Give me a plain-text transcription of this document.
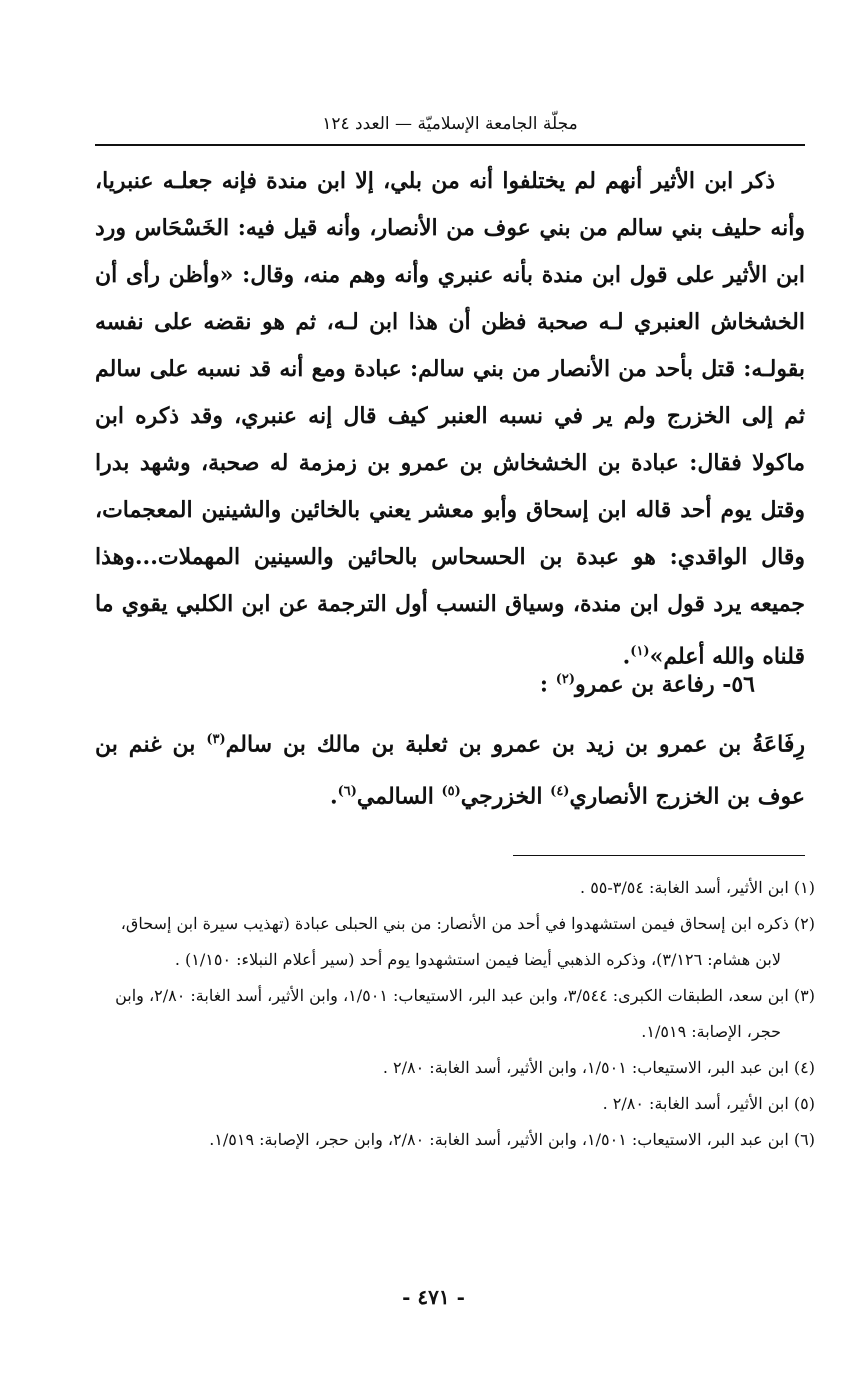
مجلّة الجامعة الإسلاميّة — العدد ١٢٤

ذكر ابن الأثير أنهم لم يختلفوا أنه من بلي، إلا ابن مندة فإنه جعلـه عنبريا، وأنه حليف بني سالم من بني عوف من الأنصار، وأنه قيل فيه: الخَسْحَاس ورد ابن الأثير على قول ابن مندة بأنه عنبري وأنه وهم منه، وقال: «وأظن رأى أن الخشخاش العنبري لـه صحبة فظن أن هذا ابن لـه، ثم هو نقضه على نفسه بقولـه: قتل بأحد من الأنصار من بني سالم: عبادة ومع أنه قد نسبه على سالم ثم إلى الخزرج ولم ير في نسبه العنبر كيف قال إنه عنبري، وقد ذكره ابن ماكولا فقال: عبادة بن الخشخاش بن عمرو بن زمزمة له صحبة، وشهد بدرا وقتل يوم أحد قاله ابن إسحاق وأبو معشر يعني بالخائين والشينين المعجمات، وقال الواقدي: هو عبدة بن الحسحاس بالحائين والسينين المهملات...وهذا جميعه يرد قول ابن مندة، وسياق النسب أول الترجمة عن ابن الكلبي يقوي ما قلناه والله أعلم»$^{(١)}$.

٥٦- رفاعة بن عمرو$^{(٢)}$ :
رِفَاعَةُ بن عمرو بن زيد بن عمرو بن ثعلبة بن مالك بن سالم$^{(٣)}$ بن غنم بن عوف بن الخزرج الأنصاري$^{(٤)}$ الخزرجي$^{(٥)}$ السالمي$^{(٦)}$.

(١) ابن الأثير، أسد الغابة: ٣/٥٤-٥٥ .

(٢) ذكره ابن إسحاق فيمن استشهدوا في أحد من الأنصار: من بني الحبلى عبادة (تهذيب سيرة ابن إسحاق، لابن هشام: ٣/١٢٦)، وذكره الذهبي أيضا فيمن استشهدوا يوم أحد (سير أعلام النبلاء: ١/١٥٠) .

(٣) ابن سعد، الطبقات الكبرى: ٣/٥٤٤، وابن عبد البر، الاستيعاب: ١/٥٠١، وابن الأثير، أسد الغابة: ٢/٨٠، وابن حجر، الإصابة: ١/٥١٩.

(٤) ابن عبد البر، الاستيعاب: ١/٥٠١، وابن الأثير، أسد الغابة: ٢/٨٠ .

(٥) ابن الأثير، أسد الغابة: ٢/٨٠ .

(٦) ابن عبد البر، الاستيعاب: ١/٥٠١، وابن الأثير، أسد الغابة: ٢/٨٠، وابن حجر، الإصابة: ١/٥١٩.

- ٤٧١ -
